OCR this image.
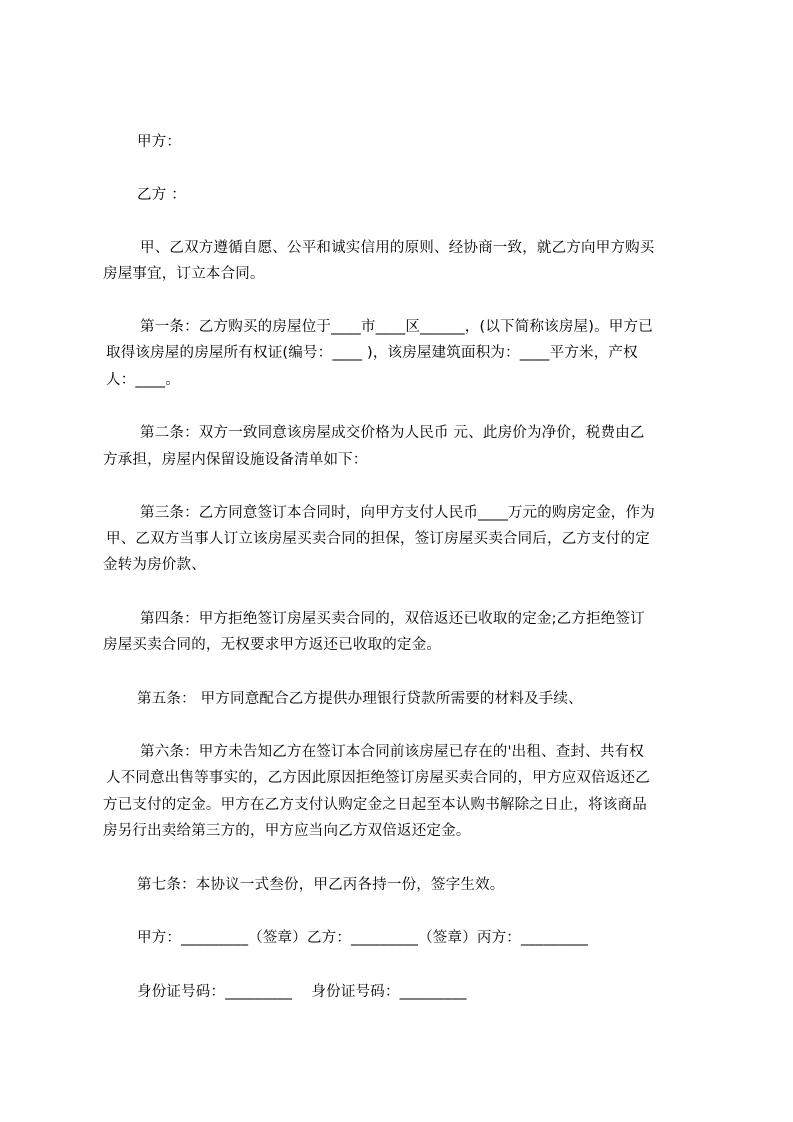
甲方：
乙方 ：
甲、乙双方遵循自愿、公平和诚实信用的原则、经协商一致，就乙方向甲方购买
房屋事宜，订立本合同。
第一条：乙方购买的房屋位于____市____区______，(以下简称该房屋)。甲方已
取得该房屋的房屋所有权证(编号：____ )，该房屋建筑面积为：____平方米，产权
人：____。
第二条：双方一致同意该房屋成交价格为人民币 元、此房价为净价，税费由乙
方承担，房屋内保留设施设备清单如下：
第三条：乙方同意签订本合同时，向甲方支付人民币____万元的购房定金，作为
甲、乙双方当事人订立该房屋买卖合同的担保，签订房屋买卖合同后，乙方支付的定
金转为房价款、
第四条：甲方拒绝签订房屋买卖合同的，双倍返还已收取的定金;乙方拒绝签订
房屋买卖合同的，无权要求甲方返还已收取的定金。
第五条： 甲方同意配合乙方提供办理银行贷款所需要的材料及手续、
第六条：甲方未告知乙方在签订本合同前该房屋已存在的'出租、查封、共有权
人不同意出售等事实的，乙方因此原因拒绝签订房屋买卖合同的，甲方应双倍返还乙
方已支付的定金。甲方在乙方支付认购定金之日起至本认购书解除之日止，将该商品
房另行出卖给第三方的，甲方应当向乙方双倍返还定金。
第七条：本协议一式叁份，甲乙丙各持一份，签字生效。
甲方：_________（签章）乙方：_________（签章）丙方：_________
身份证号码：_________    身份证号码：_________
